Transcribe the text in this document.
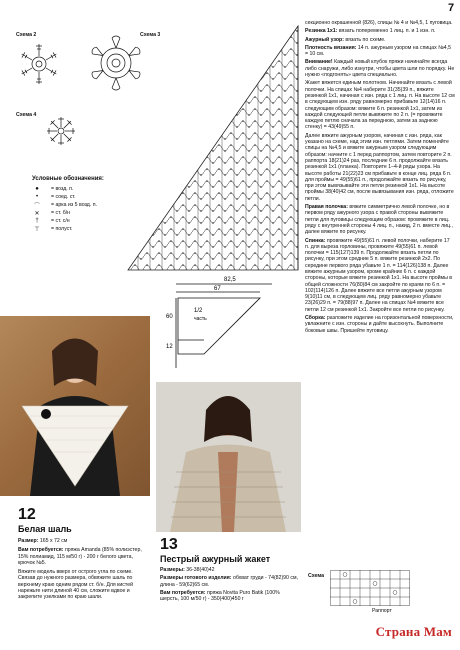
7
Схема 2	Схема 3
Схема 4
Условные обозначения:
●	= возд. п.
•	= соед. ст.
⌒	= арка из 5 возд. п.
✕	= ст. б/н
†	= ст. с/н
⊤	= полуст.
82,5
67
60
12
1/2
часть

секционно окрашенной (826), спицы № 4 и №4,5, 1 пуговица.

Резинка 1х1: вязать попеременно 1 лиц. п. и 1 изн. п.

Ажурный узор: вязать по схеме.

Плотность вязания: 14 п. ажурным узором на спицах №4,5 = 10 см.

Внимание! Каждый новый клубок пряжи начинайте всегда либо снаружи, либо изнутри, чтобы цвета шли по порядку. Не нужно «подгонять» цвета специально.

Жакет вяжется единым полотном. Начинайте вязать с левой полочки. На спицах №4 наберите 31(35)39 п., вяжите резинкой 1х1, начиная с изн. ряда с 1 лиц. п. На высоте 12 см в следующем изн. ряду равномерно прибавьте 12(14)16 п. следующим образом: вяжите 6 п. резинкой 1х1, затем из каждой следующей петли вывяжите по 2 п. (= провяжите каждую петлю сначала за переднюю, затем за заднюю стенку) = 43(49)55 п.

Далее вяжите ажурным узором, начиная с изн. ряда, как указано на схеме, над этим изн. петлями. Затем поменяйте спицы на №4,5 и вяжите ажурным узором следующим образом: начните с 1 перед раппортом, затем повторите 2 п. раппорта 18(21)24 раз, последние 6 п. продолжайте вязать резинкой 1х1 (планка). Повторите 1–4-й ряды узора. На высоте работы 21(22)23 см прибавьте в конце лиц. ряда 6 п. для проймы = 49(55)61 п., продолжайте вязать по рисунку, при этом вывязывайте эти петли резинкой 1х1. На высоте проймы 38(40)42 см, после вывязывания изн. ряда, отложите петли.

Правая полочка: вяжите симметрично левой полочке, но в первом ряду ажурного узора с правой стороны вывяжите петли для пуговицы следующим образом: провяжите в лиц. ряду с внутренней стороны 4 лиц. п., накид, 2 п. вместе лиц., далее вяжите по рисунку.

Спинка: провяжите 49(55)61 п. левой полочки, наберите 17 п. для выреза горловины, провяжите 49(55)61 п. левой полочки = 115(127)139 п. Продолжайте вязать петли по рисунку, при этом средние 5 п. вяжите резинкой 2х2. По середине первого ряда убавьте 1 п. = 114(126)138 п. Далее вяжите ажурным узором, кроме крайних 6 п. с каждой стороны, которые вяжите резинкой 1х1. На высоте проймы в общей сложности 76(80)84 см закройте по краям по 6 п. = 102(114)126 п. Далее вяжите все петли ажурным узором 9(10)11 см, в следующем лиц. ряду равномерно убавьте 23(26)29 п. = 79(88)97 п. Далее на спицах №4 вяжите все петли 12 см резинкой 1х1. Закройте все петли по рисунку.

Сборка: разложите изделие на горизонтальной поверхности, увлажните с изн. стороны и дайте высохнуть. Выполните боковые швы. Пришейте пуговицу.

Схема
Раппорт
12
Белая шаль
Размер: 165 х 72 см
Вам потребуется: пряжа Amanda (85% полиэстер, 15% полиамид, 115 м/50 г) - 200 г белого цвета, крючок №5.
Вяжите модель вверх от острого угла по схеме. Связав до нужного размера, обвяжите шаль по верхнему краю одним рядом ст. б/н. Для кистей нарежьте нити длиной 40 см, сложите вдвое и закрепите узелками по краю шали.
13
Пестрый ажурный жакет
Размеры: 36-38(40)42
Размеры готового изделия: обхват груди - 74(82)90 см, длина - 59(62)65 см.
Вам потребуется: пряжа Novita Puro Batik (100% шерсть, 100 м/50 г) - 350(400)450 г
Страна Мам
